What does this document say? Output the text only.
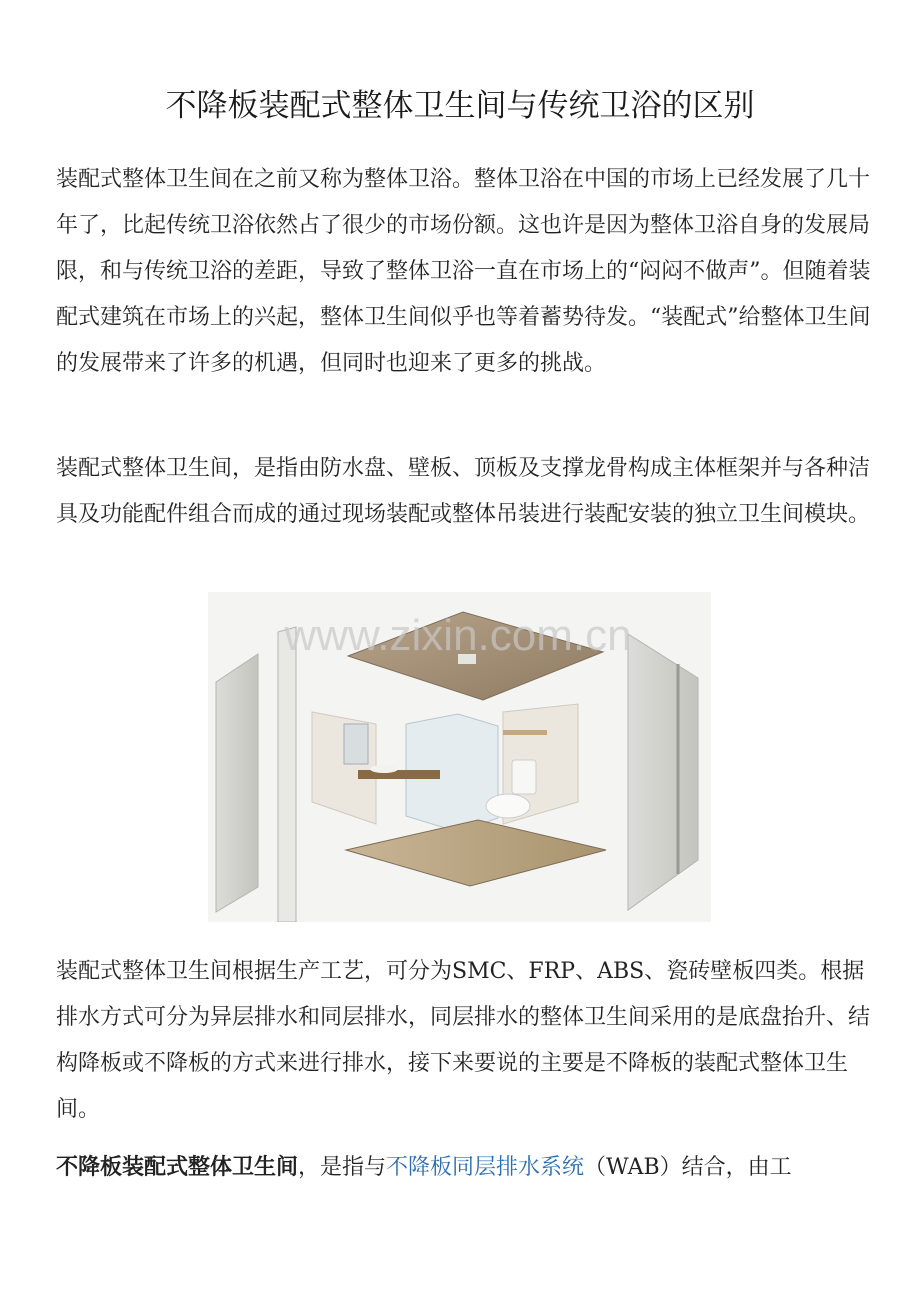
不降板装配式整体卫生间与传统卫浴的区别

装配式整体卫生间在之前又称为整体卫浴。整体卫浴在中国的市场上已经发展了几十年了，比起传统卫浴依然占了很少的市场份额。这也许是因为整体卫浴自身的发展局限，和与传统卫浴的差距，导致了整体卫浴一直在市场上的“闷闷不做声”。但随着装配式建筑在市场上的兴起，整体卫生间似乎也等着蓄势待发。“装配式”给整体卫生间的发展带来了许多的机遇，但同时也迎来了更多的挑战。

装配式整体卫生间，是指由防水盘、壁板、顶板及支撑龙骨构成主体框架并与各种洁具及功能配件组合而成的通过现场装配或整体吊装进行装配安装的独立卫生间模块。

www.zixin.com.cn

装配式整体卫生间根据生产工艺，可分为SMC、FRP、ABS、瓷砖壁板四类。根据排水方式可分为异层排水和同层排水，同层排水的整体卫生间采用的是底盘抬升、结构降板或不降板的方式来进行排水，接下来要说的主要是不降板的装配式整体卫生间。

不降板装配式整体卫生间，是指与不降板同层排水系统（WAB）结合，由工
